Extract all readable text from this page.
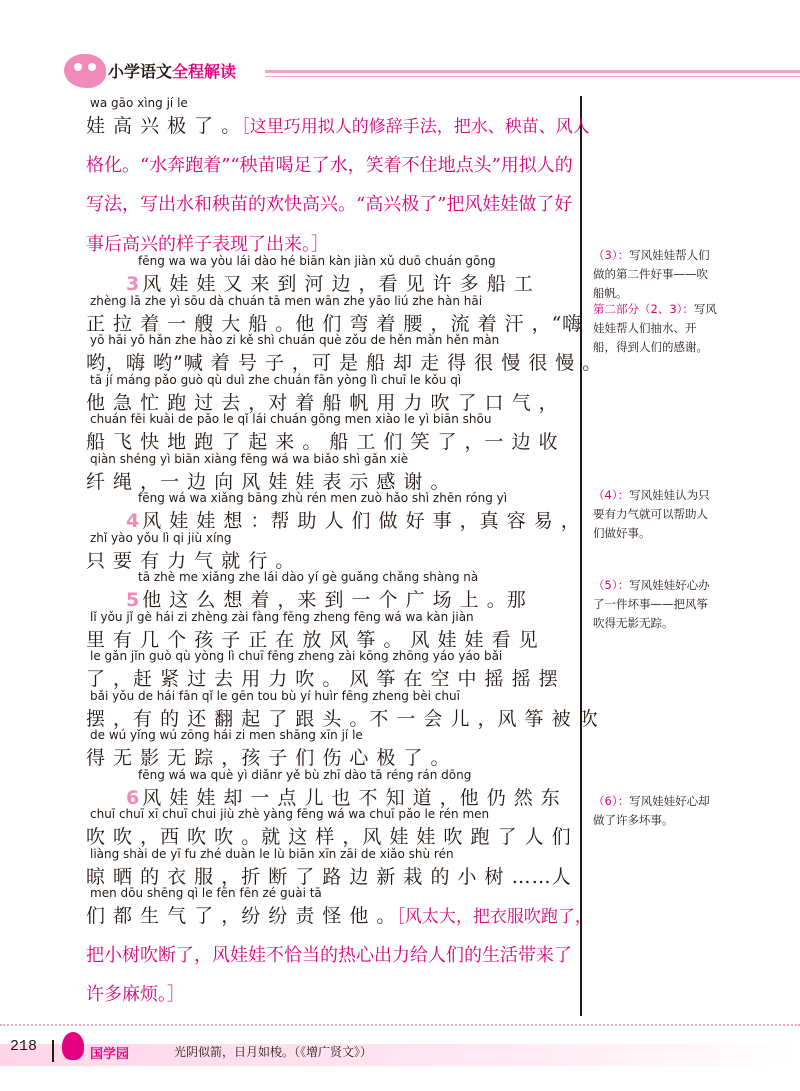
小学语文全程解读
wa gāo xìng jí le
娃 高 兴 极 了 。［这里巧用拟人的修辞手法，把水、秧苗、风人
格化。“水奔跑着”“秧苗喝足了水，笑着不住地点头”用拟人的
写法，写出水和秧苗的欢快高兴。“高兴极了”把风娃娃做了好
事后高兴的样子表现了出来。］
fēng wa wa yòu lái dào hé biān kàn jiàn xǔ duō chuán gōng
3 风 娃 娃 又 来 到 河 边 ，看 见 许 多 船 工
zhèng lā zhe yì sōu dà chuán tā men wān zhe yāo liú zhe hàn hāi
正 拉 着 一 艘 大 船 。他 们 弯 着 腰 ，流 着 汗 ，“嗨
yō hāi yō hǎn zhe hào zi kě shì chuán què zǒu de hěn màn hěn màn
哟，嗨 哟”喊 着 号 子 ，可 是 船 却 走 得 很 慢 很 慢 。
tā jí máng pǎo guò qù duì zhe chuán fān yòng lì chuī le kǒu qì
他 急 忙 跑 过 去 ，对 着 船 帆 用 力 吹 了 口 气 ，
chuán fēi kuài de pǎo le qǐ lái chuán gōng men xiào le yì biān shōu
船 飞 快 地 跑 了 起 来 。 船 工 们 笑 了 ，一 边 收
qiàn shéng yì biān xiàng fēng wá wa biǎo shì gǎn xiè
纤 绳 ，一 边 向 风 娃 娃 表 示 感 谢 。
fēng wá wa xiǎng bāng zhù rén men zuò hǎo shì zhēn róng yì
4 风 娃 娃 想 ：帮 助 人 们 做 好 事 ，真 容 易 ，
zhǐ yào yǒu lì qi jiù xíng
只 要 有 力 气 就 行 。
tā zhè me xiǎng zhe lái dào yí gè guǎng chǎng shàng nà
5 他 这 么 想 着 ，来 到 一 个 广 场 上 。那
lǐ yǒu jǐ gè hái zi zhèng zài fàng fēng zheng fēng wá wa kàn jiàn
里 有 几 个 孩 子 正 在 放 风 筝 。 风 娃 娃 看 见
le gǎn jǐn guò qù yòng lì chuī fēng zheng zài kōng zhōng yáo yáo bǎi
了 ，赶 紧 过 去 用 力 吹 。 风 筝 在 空 中 摇 摇 摆
bǎi yǒu de hái fān qǐ le gēn tou bù yí huìr fēng zheng bèi chuī
摆 ，有 的 还 翻 起 了 跟 头 。不 一 会 儿 ，风 筝 被 吹
de wú yǐng wú zōng hái zi men shāng xīn jí le
得 无 影 无 踪 ，孩 子 们 伤 心 极 了 。
fēng wá wa què yì diǎnr yě bù zhī dào tā réng rán dōng
6 风 娃 娃 却 一 点 儿 也 不 知 道 ，他 仍 然 东
chuī chuī xī chuī chui jiù zhè yàng fēng wá wa chuī pǎo le rén men
吹 吹 ，西 吹 吹 。就 这 样 ，风 娃 娃 吹 跑 了 人 们
liàng shài de yī fu zhé duàn le lù biān xīn zāi de xiǎo shù rén
晾 晒 的 衣 服 ，折 断 了 路 边 新 栽 的 小 树 ……人
men dōu shēng qì le fēn fēn zé guài tā
们 都 生 气 了 ，纷 纷 责 怪 他 。［风太大，把衣服吹跑了，
把小树吹断了，风娃娃不恰当的热心出力给人们的生活带来了
许多麻烦。］
（3）：写风娃娃帮人们做的第二件好事——吹船帆。
第二部分（2、3）：写风娃娃帮人们抽水、开船，得到人们的感谢。
（4）：写风娃娃认为只要有力气就可以帮助人们做好事。
（5）：写风娃娃好心办了一件坏事——把风筝吹得无影无踪。
（6）：写风娃娃好心却做了许多坏事。
218	国学园	光阴似箭，日月如梭。（《增广贤文》）
